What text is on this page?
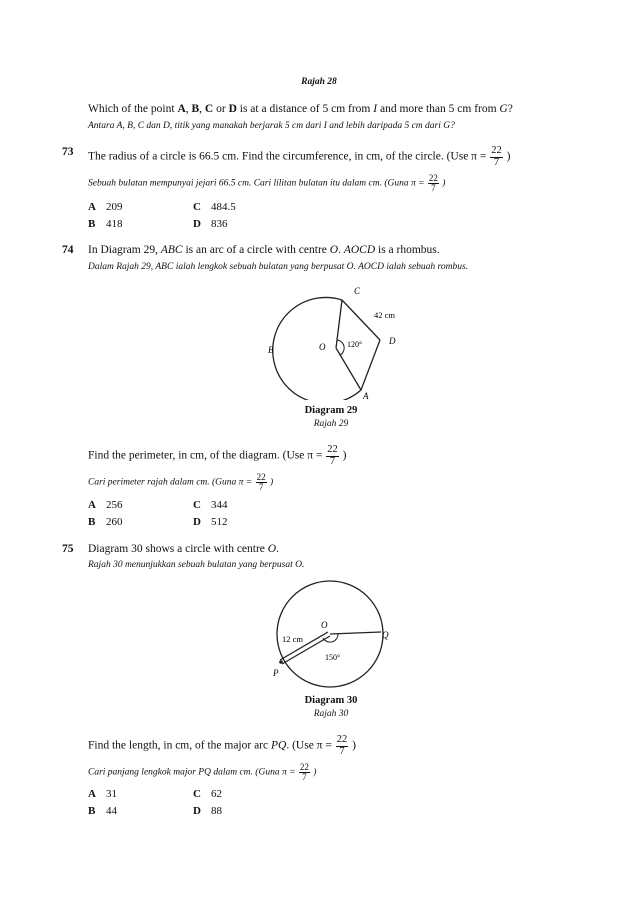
Rajah 28
Which of the point A, B, C or D is at a distance of 5 cm from I and more than 5 cm from G?
Antara A, B, C dan D, titik yang manakah berjarak 5 cm dari I and lebih daripada 5 cm dari G?
73 The radius of a circle is 66.5 cm. Find the circumference, in cm, of the circle. (Use $\pi = \frac{22}{7}$ )
Sebuah bulatan mempunyai jejari 66.5 cm. Cari lilitan bulatan itu dalam cm. (Guna $\pi = \frac{22}{7}$ )
A 209	C 484.5
B 418	D 836
74 In Diagram 29, ABC is an arc of a circle with centre O. AOCD is a rhombus.
Dalam Rajah 29, ABC ialah lengkok sebuah bulatan yang berpusat O. AOCD ialah sebuah rombus.
C
B	O
D
A
42 cm
120°
Diagram 29
Rajah 29
Find the perimeter, in cm, of the diagram. (Use $\pi = \frac{22}{7}$ )
Cari perimeter rajah dalam cm. (Guna $\pi = \frac{22}{7}$ )
A 256	C 344
B 260	D 512
75 Diagram 30 shows a circle with centre O.
Rajah 30 menunjukkan sebuah bulatan yang berpusat O.
O
Q
P
12 cm
150°
Diagram 30
Rajah 30
Find the length, in cm, of the major arc PQ. (Use $\pi = \frac{22}{7}$ )
Cari panjang lengkok major PQ dalam cm. (Guna $\pi = \frac{22}{7}$ )
A 31	C 62
B 44	D 88
